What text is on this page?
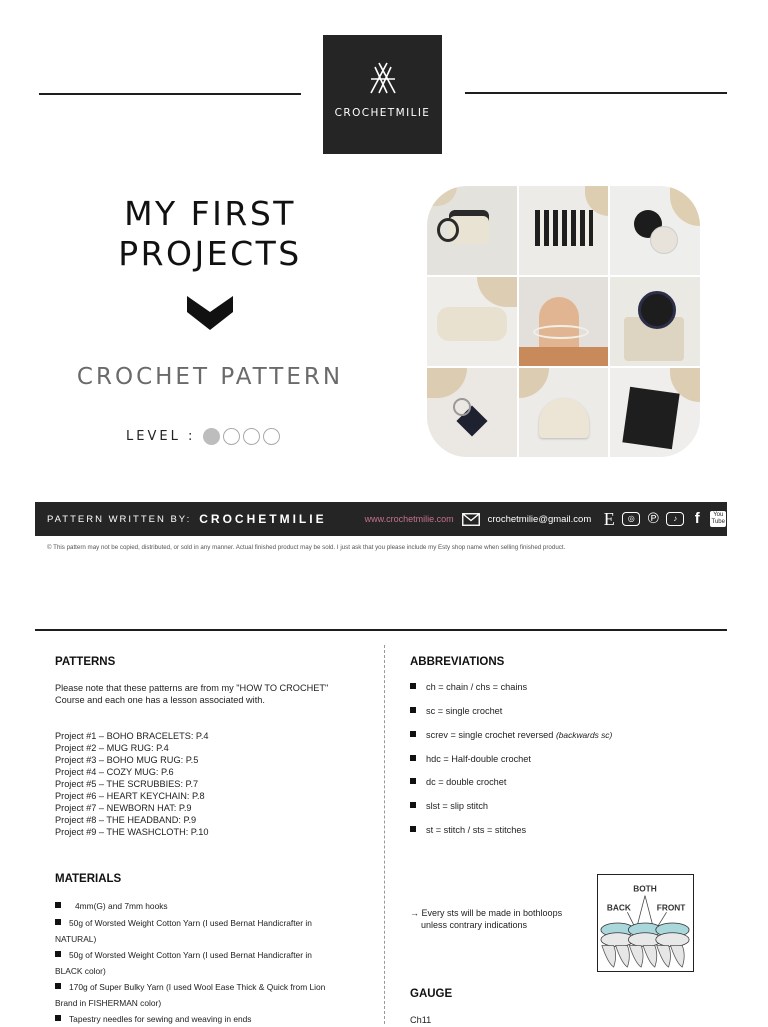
CROCHETMILIE
MY FIRST
PROJECTS
CROCHET PATTERN
LEVEL :
PATTERN WRITTEN BY: CROCHETMILIE	www.crochetmilie.com	crochetmilie@gmail.com E	◎ ℗	♪	f	You Tube
© This pattern may not be copied, distributed, or sold in any manner. Actual finished product may be sold. I just ask that you please include my Esty shop name when selling finished product.
PATTERNS
Please note that these patterns are from my "HOW TO CROCHET"
Course and each one has a lesson associated with.
Project #1 – BOHO BRACELETS: P.4
Project #2 – MUG RUG: P.4
Project #3 – BOHO MUG RUG: P.5
Project #4 – COZY MUG: P.6
Project #5 – THE SCRUBBIES: P.7
Project #6 – HEART KEYCHAIN: P.8
Project #7 – NEWBORN HAT: P.9
Project #8 – THE HEADBAND: P.9
Project #9 – THE WASHCLOTH: P.10
MATERIALS
4mm(G) and 7mm hooks
50g of Worsted Weight Cotton Yarn (I used Bernat Handicrafter in
NATURAL)
50g of Worsted Weight Cotton Yarn (I used Bernat Handicrafter in
BLACK color)
170g of Super Bulky Yarn (I used Wool Ease Thick & Quick from Lion
Brand in FISHERMAN color)
Tapestry needles for sewing and weaving in ends
ABBREVIATIONS
ch = chain / chs = chains
sc = single crochet
screv = single crochet reversed (backwards sc)
hdc = Half-double crochet
dc = double crochet
slst = slip stitch
st = stitch / sts = stitches
→ Every sts will be made in bothloops
unless contrary indications
BOTH
BACK	FRONT
GAUGE
Ch11
